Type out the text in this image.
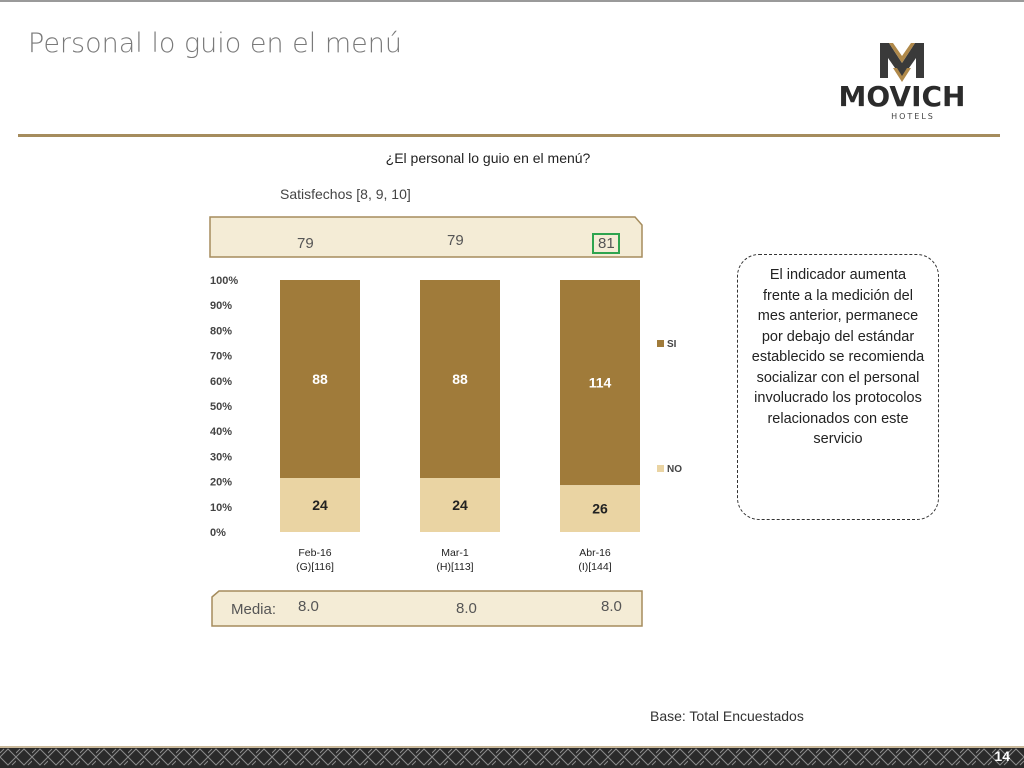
Personal lo guio en el menú
MOVICH
HOTELS
¿El personal lo guio en el menú?
Satisfechos [8, 9, 10]
79	79	81
0%
10%
20%
30%
40%
50%
60%
70%
80%
90%
100%
88
24
Feb-16
(G)[116]
88
24
Mar-1
(H)[113]
114
26
Abr-16
(I)[144]
SI
NO
Media: 8.0	8.0	8.0
El indicador aumenta frente a la medición del mes anterior, permanece por debajo del estándar establecido se recomienda socializar con el personal involucrado los protocolos relacionados con este servicio
Base: Total Encuestados
14
